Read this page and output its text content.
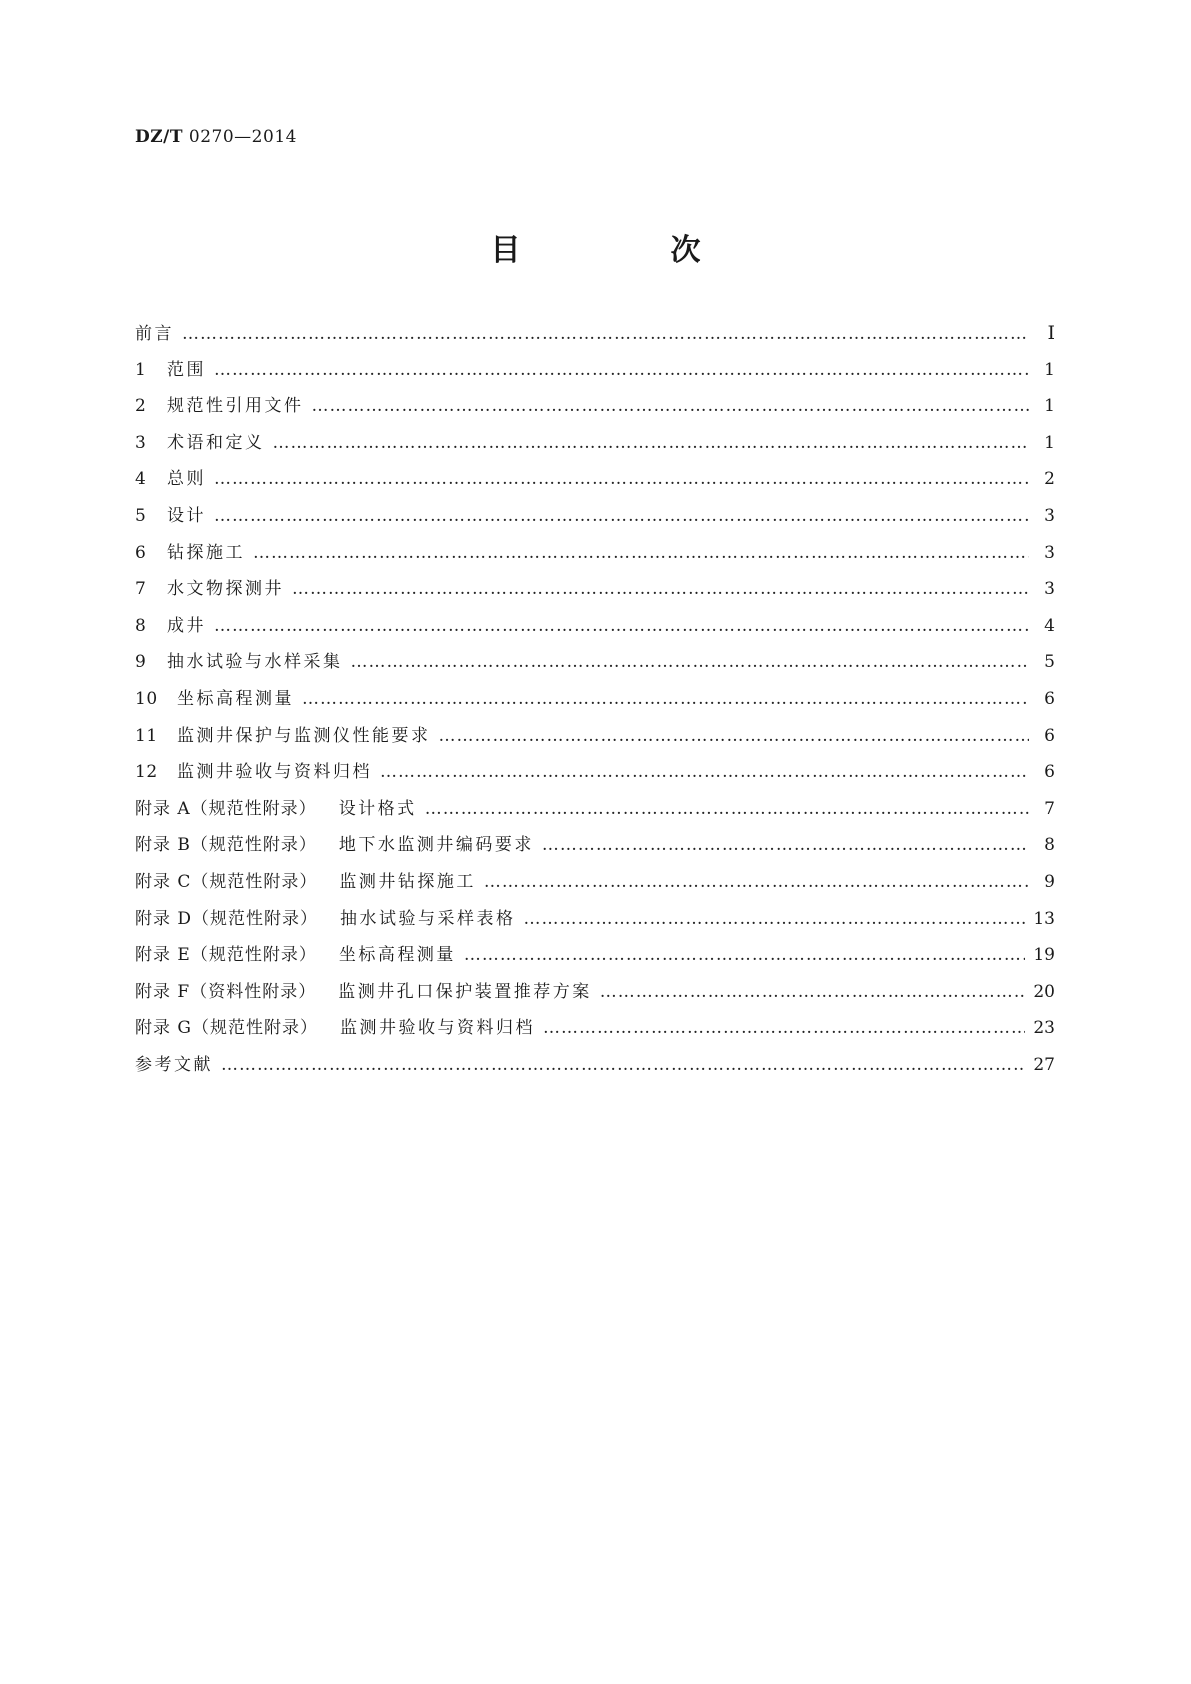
DZ/T 0270—2014
目　次
前言 …………………………………………………………………………………………………………………………………………………………………………………………………………………………	Ⅰ
1	范围 …………………………………………………………………………………………………………………………………………………………………………………………………………………………	1
2	规范性引用文件 …………………………………………………………………………………………………………………………………………………………………………………………………………………………	1
3	术语和定义 …………………………………………………………………………………………………………………………………………………………………………………………………………………………	1
4	总则 …………………………………………………………………………………………………………………………………………………………………………………………………………………………	2
5	设计 …………………………………………………………………………………………………………………………………………………………………………………………………………………………	3
6	钻探施工 …………………………………………………………………………………………………………………………………………………………………………………………………………………………	3
7	水文物探测井 …………………………………………………………………………………………………………………………………………………………………………………………………………………………	3
8	成井 …………………………………………………………………………………………………………………………………………………………………………………………………………………………	4
9	抽水试验与水样采集 …………………………………………………………………………………………………………………………………………………………………………………………………………………………	5
10	坐标高程测量 …………………………………………………………………………………………………………………………………………………………………………………………………………………………	6
11	监测井保护与监测仪性能要求 …………………………………………………………………………………………………………………………………………………………………………………………………………………………	6
12	监测井验收与资料归档 …………………………………………………………………………………………………………………………………………………………………………………………………………………………	6
附录 A（规范性附录） 设计格式 …………………………………………………………………………………………………………………………………………………………………………………………………………………………	7
附录 B（规范性附录） 地下水监测井编码要求 …………………………………………………………………………………………………………………………………………………………………………………………………………………………	8
附录 C（规范性附录） 监测井钻探施工 …………………………………………………………………………………………………………………………………………………………………………………………………………………………	9
附录 D（规范性附录） 抽水试验与采样表格 …………………………………………………………………………………………………………………………………………………………………………………………………………………………	13
附录 E（规范性附录） 坐标高程测量 …………………………………………………………………………………………………………………………………………………………………………………………………………………………	19
附录 F（资料性附录） 监测井孔口保护装置推荐方案 …………………………………………………………………………………………………………………………………………………………………………………………………………………………	20
附录 G（规范性附录） 监测井验收与资料归档 …………………………………………………………………………………………………………………………………………………………………………………………………………………………	23
参考文献 …………………………………………………………………………………………………………………………………………………………………………………………………………………………	27
